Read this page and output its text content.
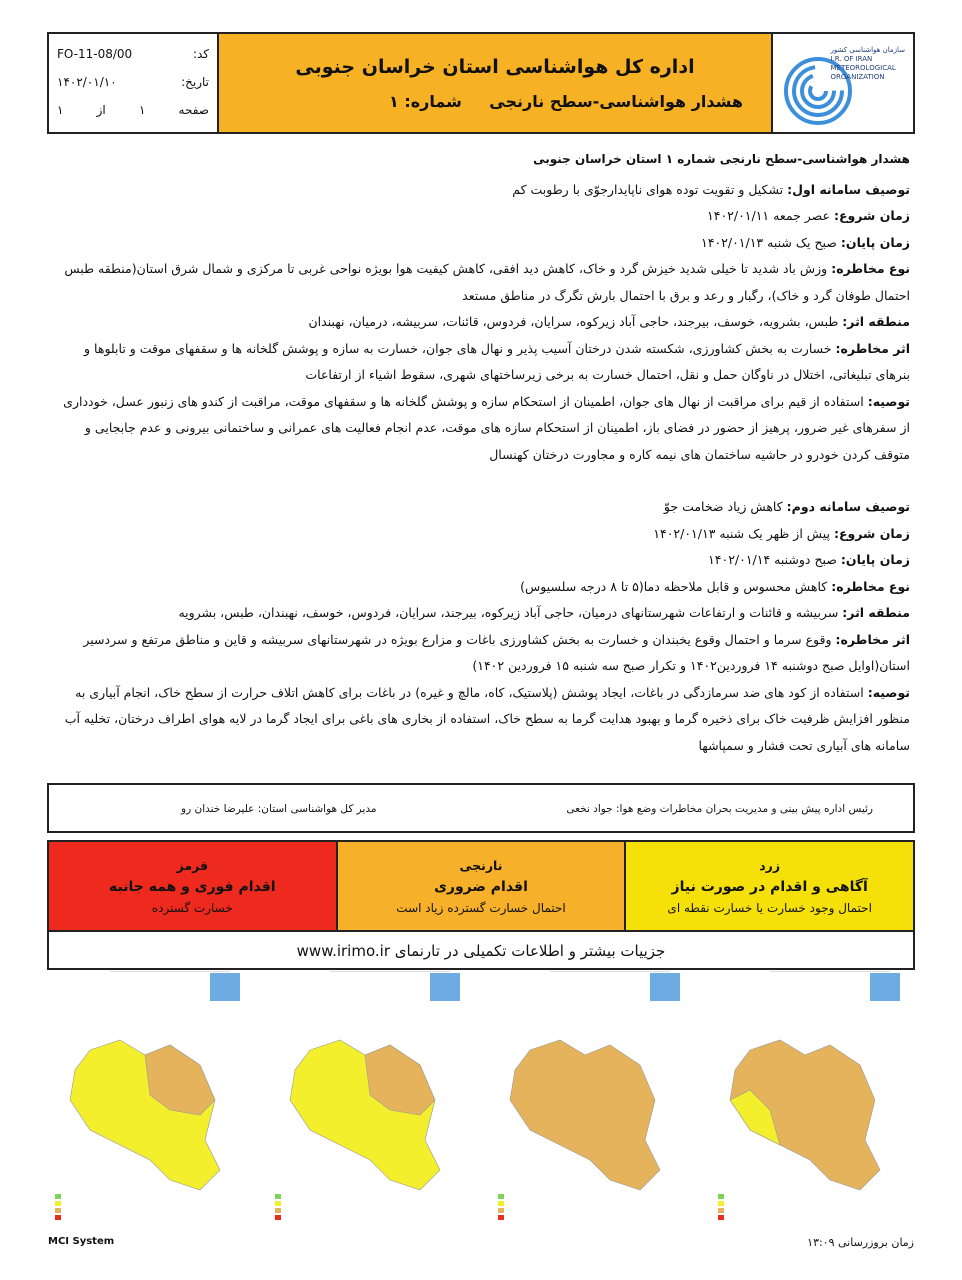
کد:
FO-11-08/00
تاریخ:
۱۴۰۲/۰۱/۱۰
صفحه
۱
از
۱
اداره کل هواشناسی استان خراسان جنوبی
هشدار هواشناسی-سطح نارنجی
شماره: ۱
سازمان هواشناسی کشور
I.R. OF IRAN
METEOROLOGICAL
ORGANIZATION

هشدار هواشناسی-سطح نارنجی شماره ۱ استان خراسان جنوبی

توصیف سامانه اول: تشکیل و تقویت توده هوای ناپایدارجوّی با رطوبت کم

زمان شروع: عصر جمعه ۱۴۰۲/۰۱/۱۱

زمان پایان: صبح یک شنبه ۱۴۰۲/۰۱/۱۳

نوع مخاطره: وزش باد شدید تا خیلی شدید خیزش گرد و خاک، کاهش دید افقی، کاهش کیفیت هوا بویژه نواحی غربی تا مرکزی و شمال شرق استان(منطقه طبس احتمال طوفان گرد و خاک)، رگبار و رعد و برق با احتمال بارش تگرگ در مناطق مستعد

منطقه اثر: طبس، بشرویه، خوسف، بیرجند، حاجی آباد زیرکوه، سرایان، فردوس، قائنات، سربیشه، درمیان، نهبندان

اثر مخاطره: خسارت به بخش کشاورزی، شکسته شدن درختان آسیب پذیر و نهال های جوان، خسارت به سازه و پوشش گلخانه ها و سقفهای موقت و تابلوها و بنرهای تبلیغاتی، اختلال در ناوگان حمل و نقل، احتمال خسارت به برخی زیرساختهای شهری، سقوط اشیاء از ارتفاعات

توصیه: استفاده از قیم برای مراقبت از نهال های جوان، اطمینان از استحکام سازه و پوشش گلخانه ها و سقفهای موقت، مراقبت از کندو های زنبور عسل، خودداری از سفرهای غیر ضرور، پرهیز از حضور در فضای باز، اطمینان از استحکام سازه های موقت، عدم انجام فعالیت های عمرانی و ساختمانی بیرونی و عدم جابجایی و متوقف کردن خودرو در حاشیه ساختمان های نیمه کاره و مجاورت درختان کهنسال

توصیف سامانه دوم: کاهش زیاد ضخامت جوّ

زمان شروع: پیش از ظهر یک شنبه ۱۴۰۲/۰۱/۱۳

زمان پایان: صبح دوشنبه ۱۴۰۲/۰۱/۱۴

نوع مخاطره: کاهش محسوس و قابل ملاحظه دما(۵ تا ۸ درجه سلسیوس)

منطقه اثر: سربیشه و قائنات و ارتفاعات شهرستانهای درمیان، حاجی آباد زیرکوه، بیرجند، سرایان، فردوس، خوسف، نهبندان، طبس، بشرویه

اثر مخاطره: وقوع سرما و احتمال وقوع یخبندان و خسارت به بخش کشاورزی باغات و مزارع بویژه در شهرستانهای سربیشه و قاین و مناطق مرتفع و سردسیر استان(اوایل صبح دوشنبه ۱۴ فروردین۱۴۰۲ و تکرار صبح سه شنبه ۱۵ فروردین ۱۴۰۲)

توصیه: استفاده از کود های ضد سرمازدگی در باغات، ایجاد پوشش (پلاستیک، کاه، مالچ و غیره) در باغات برای کاهش اتلاف حرارت از سطح خاک، انجام آبیاری به منظور افزایش ظرفیت خاک برای ذخیره گرما و بهبود هدایت گرما به سطح خاک، استفاده از بخاری های باغی برای ایجاد گرما در لایه هوای اطراف درختان، تخلیه آب سامانه های آبیاری تحت فشار و سمپاشها

رئیس اداره پیش بینی و مدیریت بحران مخاطرات وضع هوا: جواد نخعی
مدیر کل هواشناسی استان: علیرضا خندان رو
زرد
آگاهی و اقدام در صورت نیاز
احتمال وجود خسارت یا خسارت نقطه ای
نارنجی
اقدام ضروری
احتمال خسارت گسترده زیاد است
قرمز
اقدام فوری و همه جانبه
خسارت گسترده
جزییات بیشتر و اطلاعات تکمیلی در تارنمای www.irimo.ir
MCI System	زمان بروزرسانی ۱۳:۰۹
